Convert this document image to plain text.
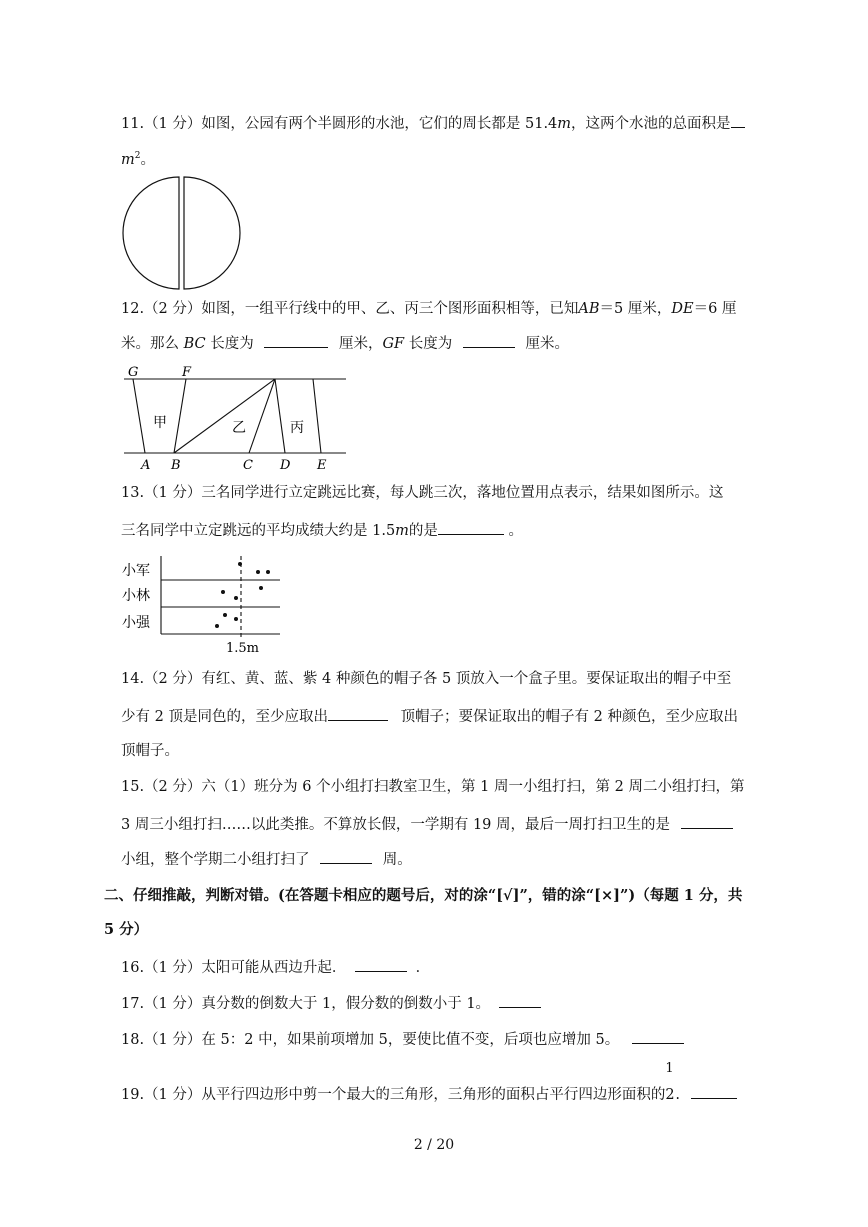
11.（1 分）如图，公园有两个半圆形的水池，它们的周长都是 51.4m，这两个水池的总面积是
$m^2$。
12.（2 分）如图，一组平行线中的甲、乙、丙三个图形面积相等，已知AB＝5 厘米，DE＝6 厘
米。那么 BC 长度为	厘米，GF 长度为	厘米。
G	F
A B	C D E
甲	乙	丙
13.（1 分）三名同学进行立定跳远比赛，每人跳三次，落地位置用点表示，结果如图所示。这
三名同学中立定跳远的平均成绩大约是 1.5m的是	。
小军
小林
小强
1.5m
14.（2 分）有红、黄、蓝、紫 4 种颜色的帽子各 5 顶放入一个盒子里。要保证取出的帽子中至
少有 2 顶是同色的，至少应取出	顶帽子；要保证取出的帽子有 2 种颜色，至少应取出
顶帽子。
15.（2 分）六（1）班分为 6 个小组打扫教室卫生，第 1 周一小组打扫，第 2 周二小组打扫，第
3 周三小组打扫……以此类推。不算放长假，一学期有 19 周，最后一周打扫卫生的是
小组，整个学期二小组打扫了	周。
二、仔细推敲，判断对错。(在答题卡相应的题号后，对的涂“[√]”，错的涂“[×]”)（每题 1 分，共
5 分）
16.（1 分）太阳可能从西边升起．	．
17.（1 分）真分数的倒数大于 1，假分数的倒数小于 1。
18.（1 分）在 5：2 中，如果前项增加 5，要使比值不变，后项也应增加 5。
19.（1 分）从平行四边形中剪一个最大的三角形，三角形的面积占平行四边形面积的
1
2.
2 / 20
